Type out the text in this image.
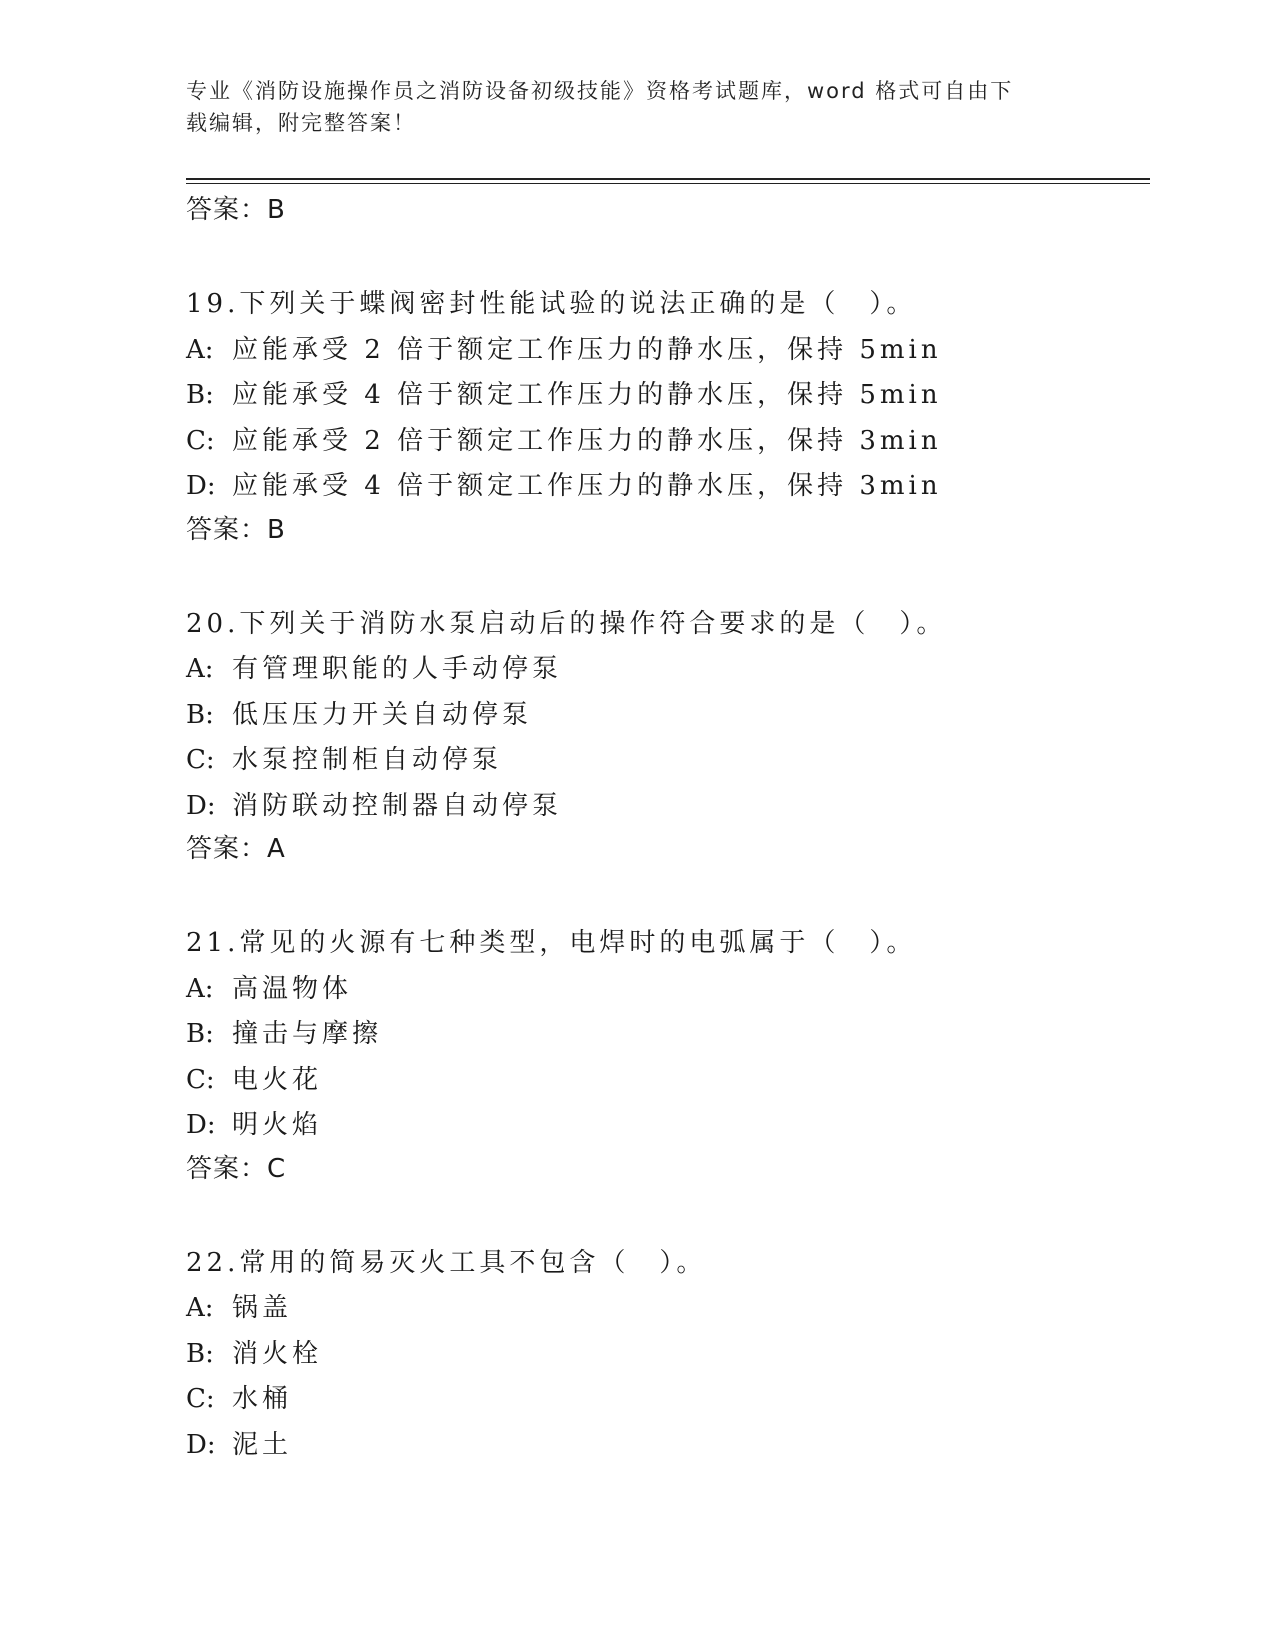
专业《消防设施操作员之消防设备初级技能》资格考试题库，word 格式可自由下
载编辑，附完整答案！
答案：B
19.下列关于蝶阀密封性能试验的说法正确的是（　）。
A: 应能承受 2 倍于额定工作压力的静水压，保持 5min
B: 应能承受 4 倍于额定工作压力的静水压，保持 5min
C: 应能承受 2 倍于额定工作压力的静水压，保持 3min
D: 应能承受 4 倍于额定工作压力的静水压，保持 3min
答案：B
20.下列关于消防水泵启动后的操作符合要求的是（　）。
A: 有管理职能的人手动停泵
B: 低压压力开关自动停泵
C: 水泵控制柜自动停泵
D: 消防联动控制器自动停泵
答案：A
21.常见的火源有七种类型，电焊时的电弧属于（　）。
A: 高温物体
B: 撞击与摩擦
C: 电火花
D: 明火焰
答案：C
22.常用的简易灭火工具不包含（　）。
A: 锅盖
B: 消火栓
C: 水桶
D: 泥土
